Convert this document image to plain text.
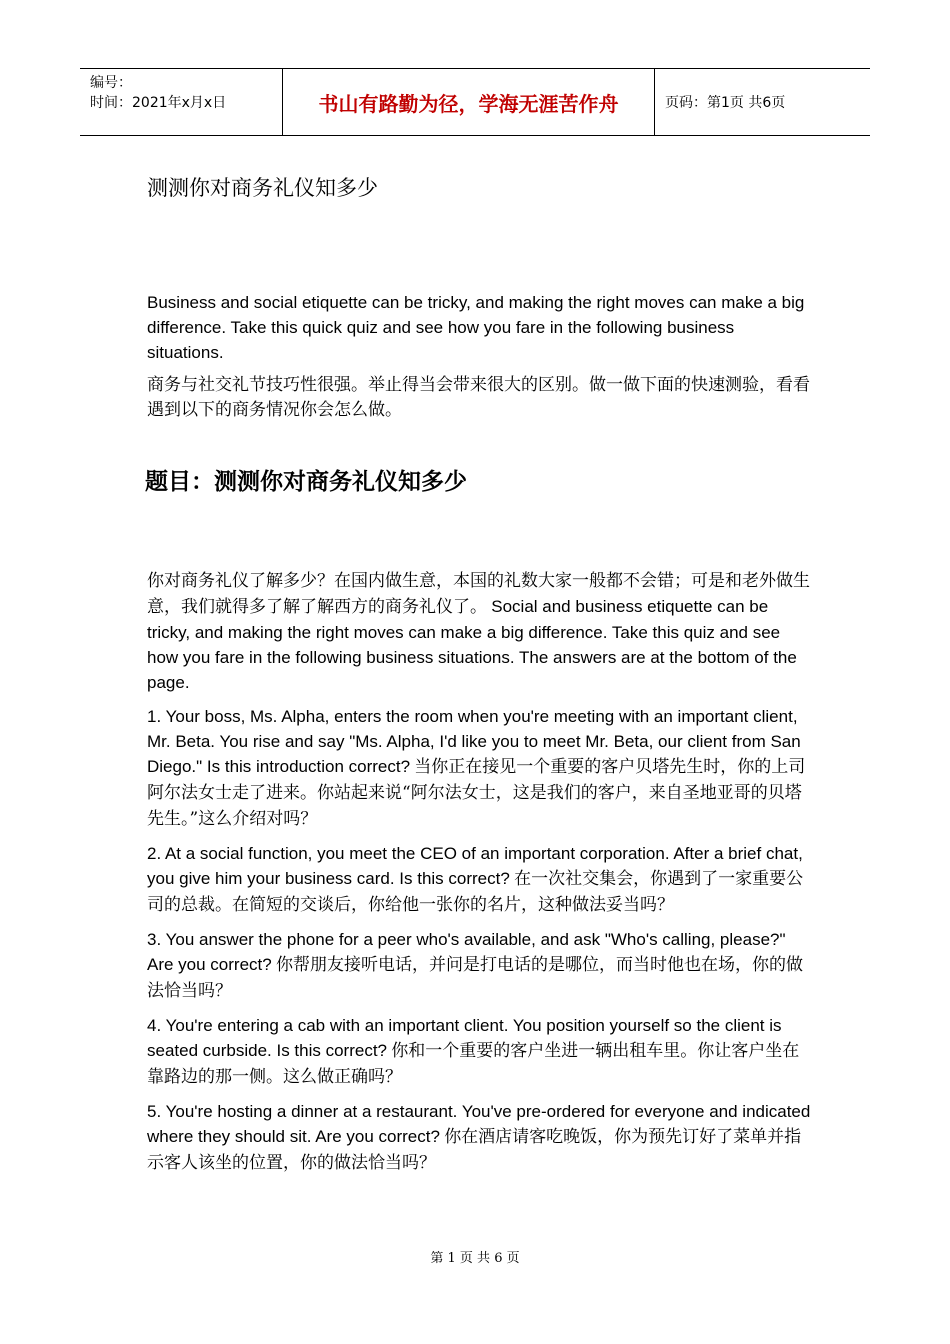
编号：
时间：2021年x月x日	书山有路勤为径，学海无涯苦作舟	页码：第1页 共6页
测测你对商务礼仪知多少

Business and social etiquette can be tricky, and making the right moves can make a big difference. Take this quick quiz and see how you fare in the following business situations.

商务与社交礼节技巧性很强。举止得当会带来很大的区别。做一做下面的快速测验，看看遇到以下的商务情况你会怎么做。

题目：测测你对商务礼仪知多少

你对商务礼仪了解多少？在国内做生意，本国的礼数大家一般都不会错；可是和老外做生意，我们就得多了解了解西方的商务礼仪了。 Social and business etiquette can be tricky, and making the right moves can make a big difference. Take this quiz and see how you fare in the following business situations. The answers are at the bottom of the page.

1. Your boss, Ms. Alpha, enters the room when you're meeting with an important client, Mr. Beta. You rise and say "Ms. Alpha, I'd like you to meet Mr. Beta, our client from San Diego." Is this introduction correct? 当你正在接见一个重要的客户贝塔先生时，你的上司阿尔法女士走了进来。你站起来说“阿尔法女士，这是我们的客户，来自圣地亚哥的贝塔先生。”这么介绍对吗？

2. At a social function, you meet the CEO of an important corporation. After a brief chat, you give him your business card. Is this correct? 在一次社交集会，你遇到了一家重要公司的总裁。在简短的交谈后，你给他一张你的名片，这种做法妥当吗？

3. You answer the phone for a peer who's available, and ask "Who's calling, please?" Are you correct? 你帮朋友接听电话，并问是打电话的是哪位，而当时他也在场，你的做法恰当吗？

4. You're entering a cab with an important client. You position yourself so the client is seated curbside. Is this correct? 你和一个重要的客户坐进一辆出租车里。你让客户坐在靠路边的那一侧。这么做正确吗？

5. You're hosting a dinner at a restaurant. You've pre-ordered for everyone and indicated where they should sit. Are you correct? 你在酒店请客吃晚饭，你为预先订好了菜单并指示客人该坐的位置，你的做法恰当吗？

第 1 页 共 6 页
